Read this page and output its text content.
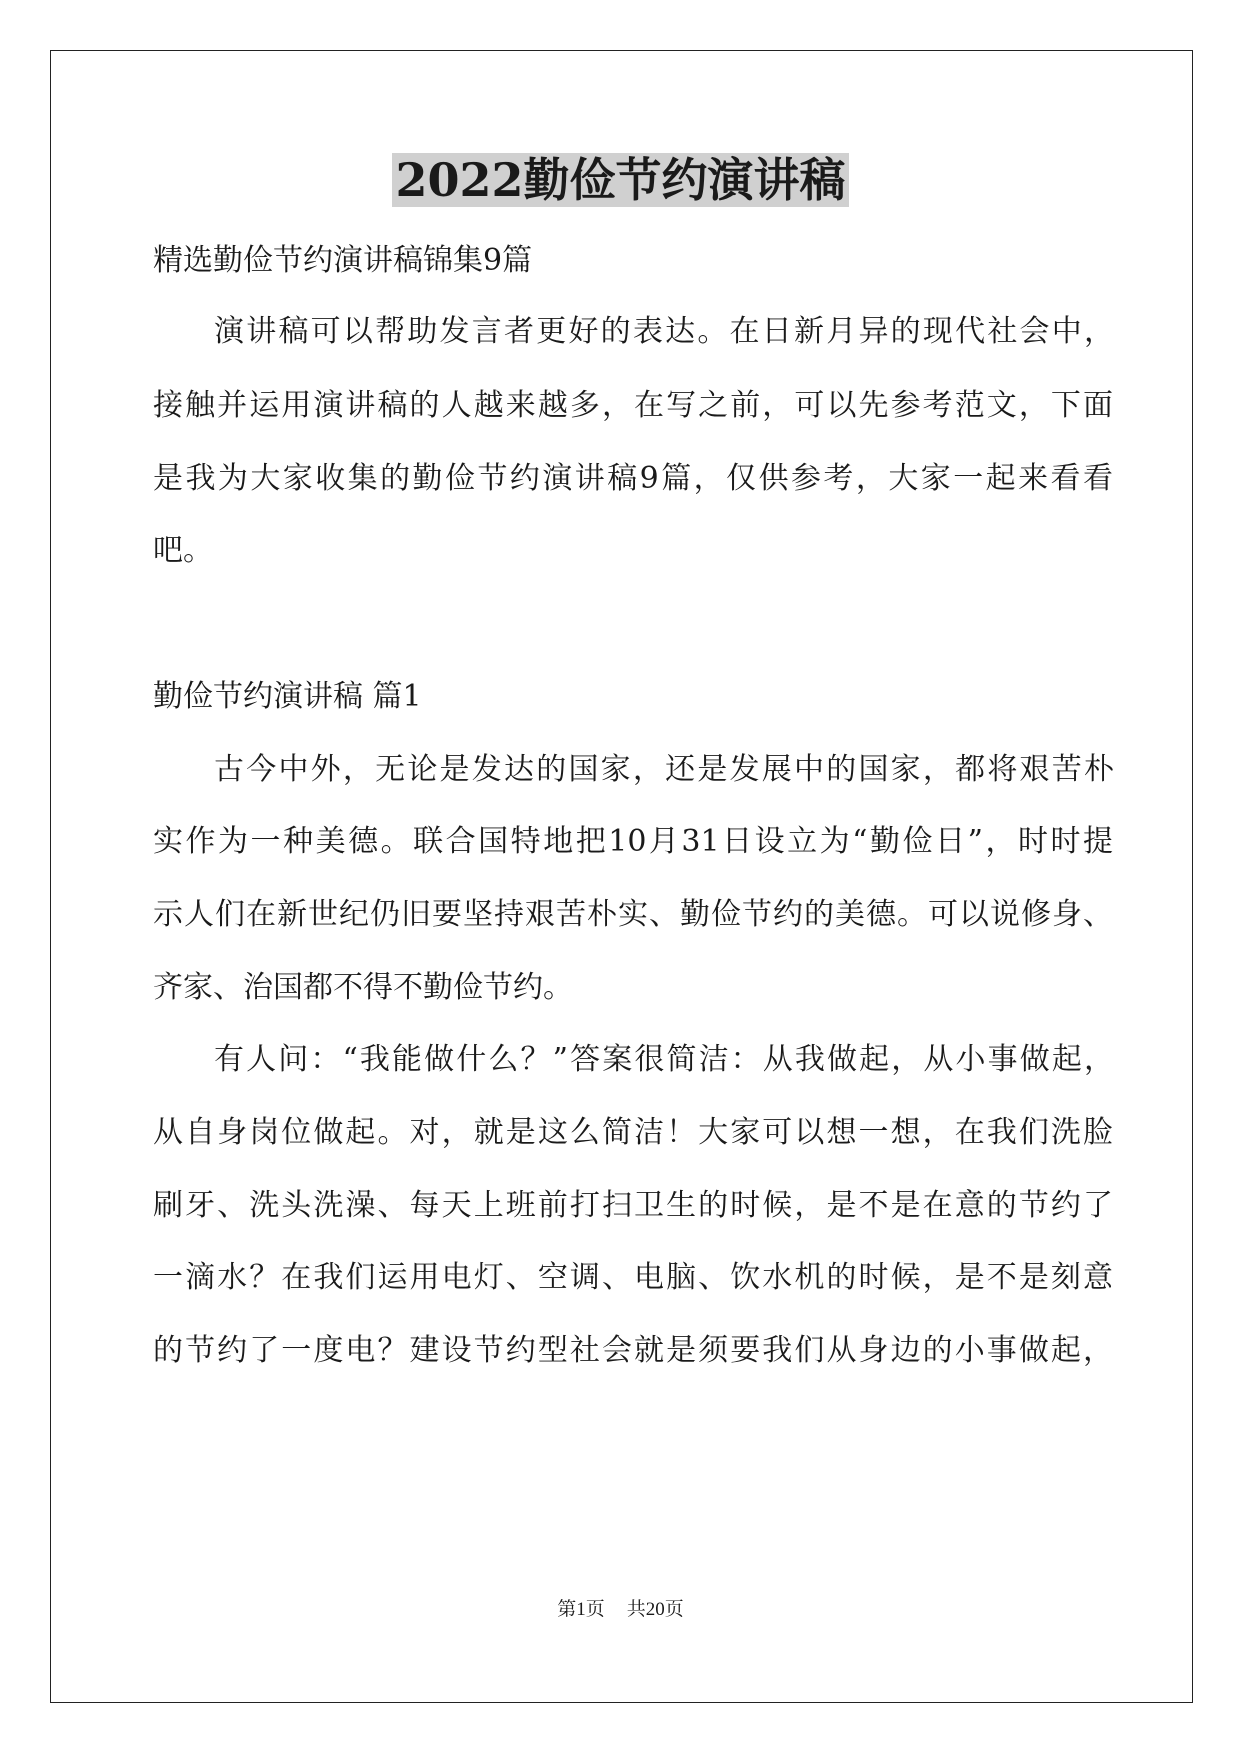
2022勤俭节约演讲稿
精选勤俭节约演讲稿锦集9篇
演讲稿可以帮助发言者更好的表达。在日新月异的现代社会中，
接触并运用演讲稿的人越来越多，在写之前，可以先参考范文，下面
是我为大家收集的勤俭节约演讲稿9篇，仅供参考，大家一起来看看
吧。
勤俭节约演讲稿 篇1
古今中外，无论是发达的国家，还是发展中的国家，都将艰苦朴
实作为一种美德。联合国特地把10月31日设立为“勤俭日”，时时提
示人们在新世纪仍旧要坚持艰苦朴实、勤俭节约的美德。可以说修身、
齐家、治国都不得不勤俭节约。
有人问：“我能做什么？”答案很简洁：从我做起，从小事做起，
从自身岗位做起。对，就是这么简洁！大家可以想一想，在我们洗脸
刷牙、洗头洗澡、每天上班前打扫卫生的时候，是不是在意的节约了
一滴水？在我们运用电灯、空调、电脑、饮水机的时候，是不是刻意
的节约了一度电？建设节约型社会就是须要我们从身边的小事做起，
第1页 共20页
